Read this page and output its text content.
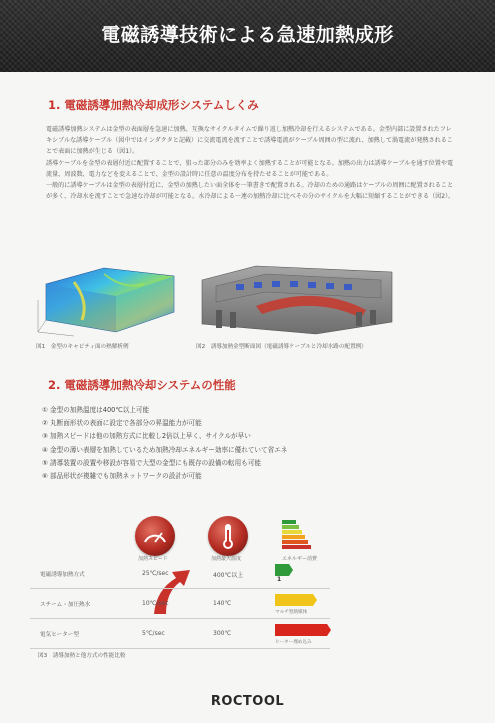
電磁誘導技術による急速加熱成形
1. 電磁誘導加熱冷却成形システムしくみ

電磁誘導加熱システムは金型の表面層を急速に加熱、互換なサイクルタイムで繰り返し加熱冷却を行えるシステムである。金型内部に設置されたフレキシブルな誘導ケーブル（図中ではインダクタと記載）に交流電流を流すことで誘導電流がケーブル周囲の型に流れ、加熱して渦電流が発熱されることで表面に加熱が生じる（図1）。

誘導ケーブルを金型の表層付近に配置することで、狙った部分のみを効率よく加熱することが可能となる。加熱の出力は誘導ケーブルを通す位置や電流量、周波数、電力などを変えることで、金型の設計時に任意の温度分布を持たせることが可能である。

一般的に誘導ケーブルは金型の表層付近に、金型の加熱したい面全体を一筆書きで配置される。冷却のための通路はケーブルの周囲に配置されることが多く、冷却水を流すことで急速な冷却が可能となる。水冷却による一連の加熱冷却に比べその分のサイクルを大幅に短縮することができる（図2）。

図1　金型のキャビティ面の熱解析例	図2　誘導加熱金型断面図（電磁誘導ケーブルと冷却水路の配置例）
2. 電磁誘導加熱冷却システムの性能
① 金型の加熱温度は400℃以上可能
② 丸断面形状の表面に設定で各部分の昇温能力が可能
③ 加熱スピードは他の加熱方式に比較し2倍以上早く、サイクルが早い
④ 金型の薄い表層を加熱しているため加熱冷却エネルギー効率に優れていて省エネ
⑤ 誘導装置の設置や移設が容易で大型の金型にも既存の設備の転用も可能
⑥ 部品形状が複雑でも加熱ネットワークの設計が可能
加熱スピード	加熱最大温度	エネルギー消費
電磁誘導加熱方式	25℃/sec	400℃以上
1
スチーム・加圧熱水	10℃/sec	140℃
マルチ型熱媒体
電気ヒーター型	5℃/sec	300℃
ヒーター埋め込み
図3　誘導加熱と他方式の性能比較
ROCTOOL
